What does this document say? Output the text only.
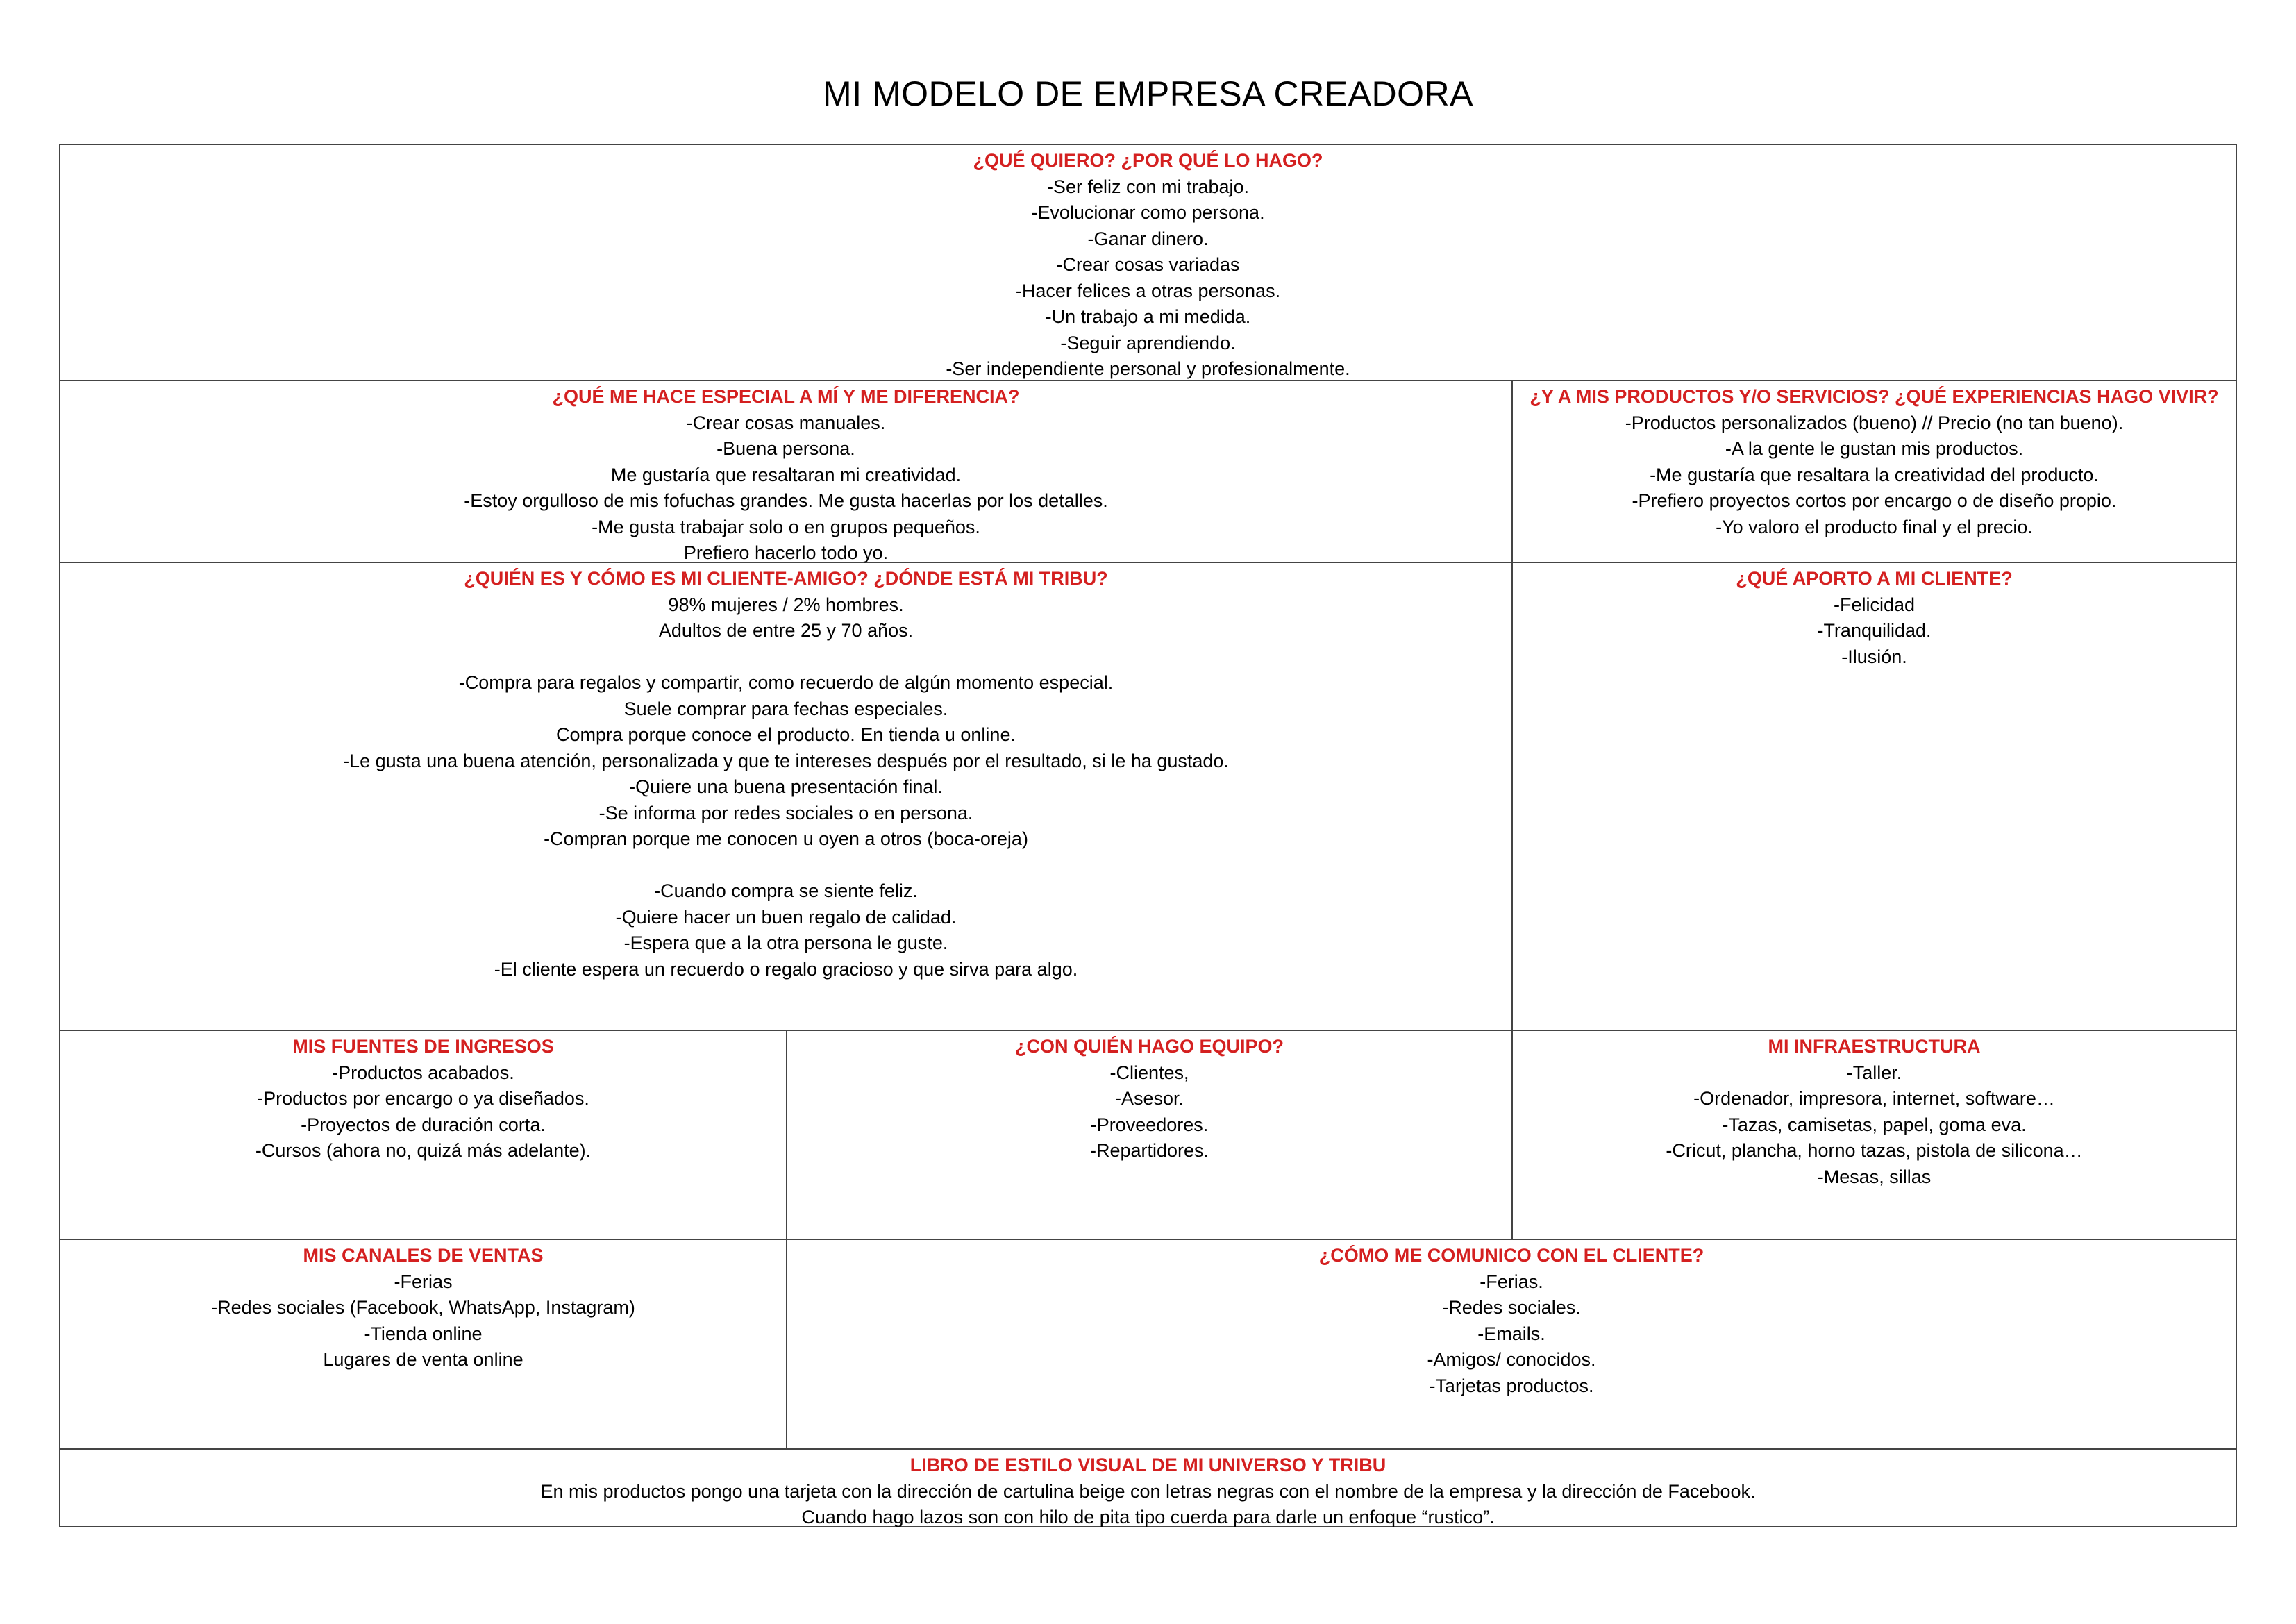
MI MODELO DE EMPRESA CREADORA
¿QUÉ QUIERO? ¿POR QUÉ LO HAGO?
-Ser feliz con mi trabajo.
-Evolucionar como persona.
-Ganar dinero.
-Crear cosas variadas
-Hacer felices a otras personas.
-Un trabajo a mi medida.
-Seguir aprendiendo.
-Ser independiente personal y profesionalmente.
¿QUÉ ME HACE ESPECIAL A MÍ Y ME DIFERENCIA?
-Crear cosas manuales.
-Buena persona.
Me gustaría que resaltaran mi creatividad.
-Estoy orgulloso de mis fofuchas grandes. Me gusta hacerlas por los detalles.
-Me gusta trabajar solo o en grupos pequeños.
Prefiero hacerlo todo yo.
¿Y A MIS PRODUCTOS Y/O SERVICIOS? ¿QUÉ EXPERIENCIAS HAGO VIVIR?
-Productos personalizados (bueno) // Precio (no tan bueno).
-A la gente le gustan mis productos.
-Me gustaría que resaltara la creatividad del producto.
-Prefiero proyectos cortos por encargo o de diseño propio.
-Yo valoro el producto final y el precio.
¿QUIÉN ES Y CÓMO ES MI CLIENTE-AMIGO? ¿DÓNDE ESTÁ MI TRIBU?
98% mujeres / 2% hombres.
Adultos de entre 25 y 70 años.
-Compra para regalos y compartir, como recuerdo de algún momento especial.
Suele comprar para fechas especiales.
Compra porque conoce el producto. En tienda u online.
-Le gusta una buena atención, personalizada y que te intereses después por el resultado, si le ha gustado.
-Quiere una buena presentación final.
-Se informa por redes sociales o en persona.
-Compran porque me conocen u oyen a otros (boca-oreja)
-Cuando compra se siente feliz.
-Quiere hacer un buen regalo de calidad.
-Espera que a la otra persona le guste.
-El cliente espera un recuerdo o regalo gracioso y que sirva para algo.
¿QUÉ APORTO A MI CLIENTE?
-Felicidad
-Tranquilidad.
-Ilusión.
MIS FUENTES DE INGRESOS
-Productos acabados.
-Productos por encargo o ya diseñados.
-Proyectos de duración corta.
-Cursos (ahora no, quizá más adelante).
¿CON QUIÉN HAGO EQUIPO?
-Clientes,
-Asesor.
-Proveedores.
-Repartidores.
MI INFRAESTRUCTURA
-Taller.
-Ordenador, impresora, internet, software…
-Tazas, camisetas, papel, goma eva.
-Cricut, plancha, horno tazas, pistola de silicona…
-Mesas, sillas
MIS CANALES DE VENTAS
-Ferias
-Redes sociales (Facebook, WhatsApp, Instagram)
-Tienda online
Lugares de venta online
¿CÓMO ME COMUNICO CON EL CLIENTE?
-Ferias.
-Redes sociales.
-Emails.
-Amigos/ conocidos.
-Tarjetas productos.
LIBRO DE ESTILO VISUAL DE MI UNIVERSO Y TRIBU
En mis productos pongo una tarjeta con la dirección de cartulina beige con letras negras con el nombre de la empresa y la dirección de Facebook.
Cuando hago lazos son con hilo de pita tipo cuerda para darle un enfoque “rustico”.
